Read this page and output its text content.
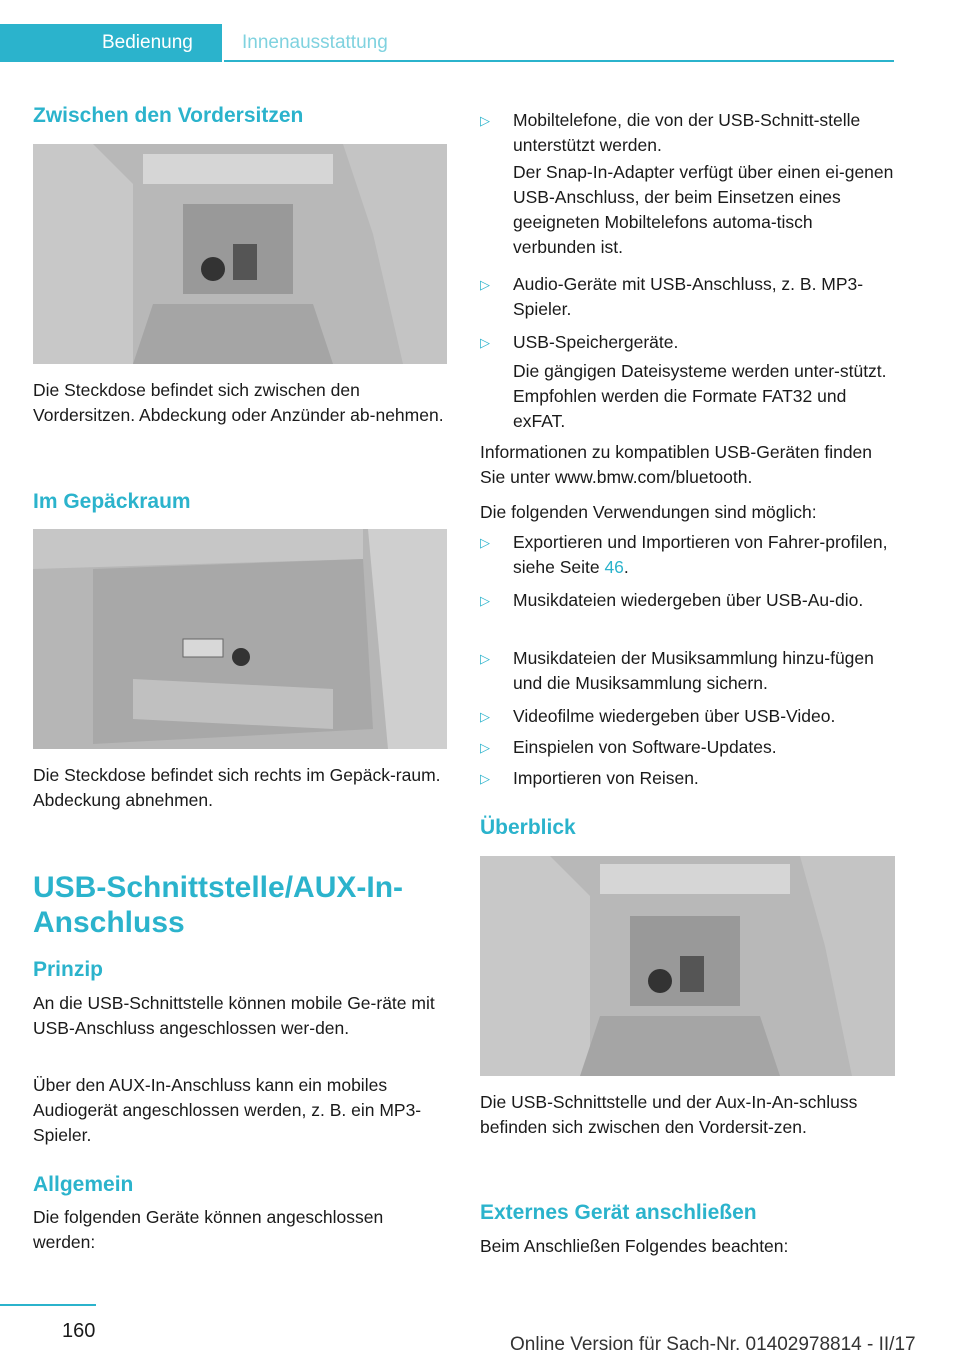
Bedienung	Innenausstattung
Zwischen den Vordersitzen

Die Steckdose befindet sich zwischen den Vordersitzen. Abdeckung oder Anzünder ab-nehmen.

Im Gepäckraum

Die Steckdose befindet sich rechts im Gepäck-raum. Abdeckung abnehmen.

USB-Schnittstelle/AUX-In-Anschluss
Prinzip

An die USB-Schnittstelle können mobile Ge-räte mit USB-Anschluss angeschlossen wer-den.

Über den AUX-In-Anschluss kann ein mobiles Audiogerät angeschlossen werden, z. B. ein MP3-Spieler.

Allgemein

Die folgenden Geräte können angeschlossen werden:

▷ Mobiltelefone, die von der USB-Schnitt-stelle unterstützt werden.
Der Snap-In-Adapter verfügt über einen ei-genen USB-Anschluss, der beim Einsetzen eines geeigneten Mobiltelefons automa-tisch verbunden ist.
▷ Audio-Geräte mit USB-Anschluss, z. B. MP3-Spieler.
▷ USB-Speichergeräte.
Die gängigen Dateisysteme werden unter-stützt. Empfohlen werden die Formate FAT32 und exFAT.

Informationen zu kompatiblen USB-Geräten finden Sie unter www.bmw.com/bluetooth.

Die folgenden Verwendungen sind möglich:

▷ Exportieren und Importieren von Fahrer-profilen, siehe Seite 46.
▷ Musikdateien wiedergeben über USB-Au-dio.
▷ Musikdateien der Musiksammlung hinzu-fügen und die Musiksammlung sichern.
▷ Videofilme wiedergeben über USB-Video.
▷ Einspielen von Software-Updates.
▷ Importieren von Reisen.
Überblick

Die USB-Schnittstelle und der Aux-In-An-schluss befinden sich zwischen den Vordersit-zen.

Externes Gerät anschließen

Beim Anschließen Folgendes beachten:

160
Online Version für Sach-Nr. 01402978814 - II/17
